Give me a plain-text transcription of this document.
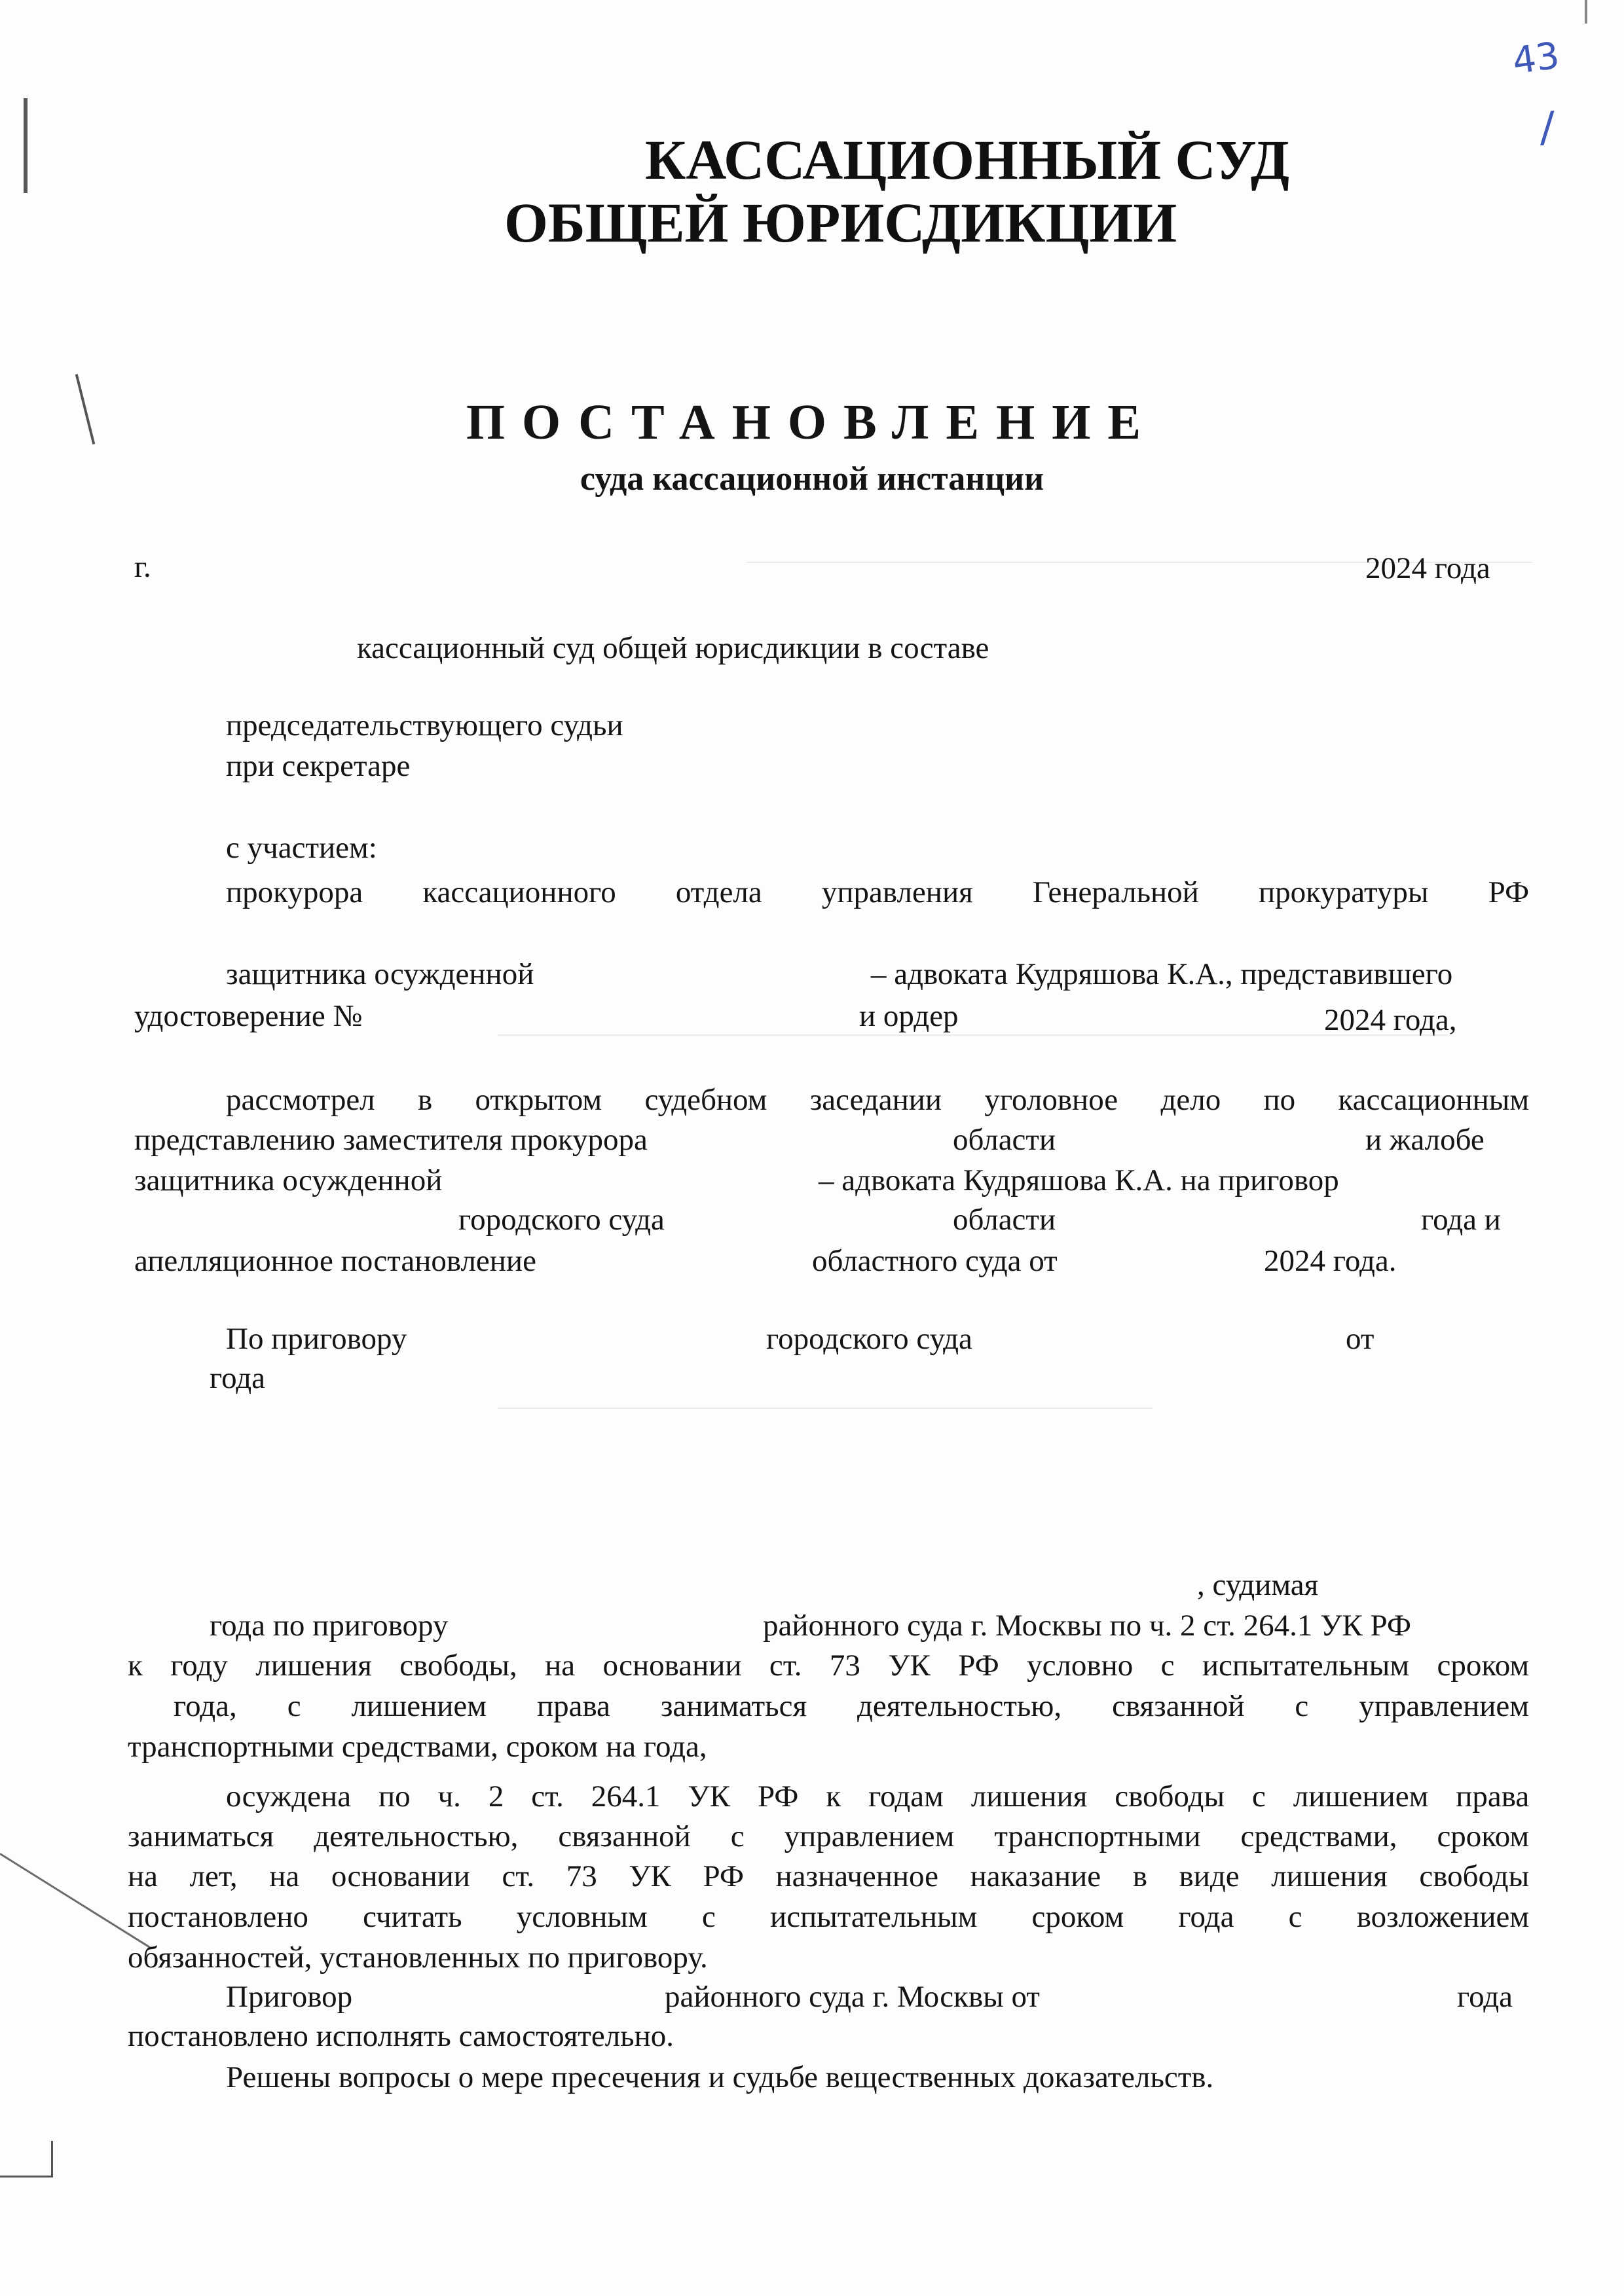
43
/
КАССАЦИОННЫЙ СУД
ОБЩЕЙ ЮРИСДИКЦИИ
ПОСТАНОВЛЕНИЕ
суда кассационной инстанции
г.	2024 года
кассационный суд общей юрисдикции в составе
председательствующего судьи
при секретаре
с участием:
прокурора кассационного отдела управления Генеральной прокуратуры РФ
защитника осужденной	– адвоката Кудряшова К.А., представившего
удостоверение №	и ордер	2024 года,
рассмотрел в открытом судебном заседании уголовное дело по кассационным
представлению заместителя прокурора	области	и жалобе
защитника осужденной	– адвоката Кудряшова К.А. на приговор
городского суда	области	года и
апелляционное постановление	областного суда от	2024 года.
По приговору	городского суда	от
года
, судимая
года по приговору	районного суда г. Москвы по ч. 2 ст. 264.1 УК РФ
к году лишения свободы, на основании ст. 73 УК РФ условно с испытательным сроком
года, с лишением права заниматься деятельностью, связанной с управлением
транспортными средствами, сроком на года,
осуждена по ч. 2 ст. 264.1 УК РФ к годам лишения свободы с лишением права
заниматься деятельностью, связанной с управлением транспортными средствами, сроком
на лет, на основании ст. 73 УК РФ назначенное наказание в виде лишения свободы
постановлено считать условным с испытательным сроком года с возложением
обязанностей, установленных по приговору.
Приговор	районного суда г. Москвы от	года
постановлено исполнять самостоятельно.
Решены вопросы о мере пресечения и судьбе вещественных доказательств.
